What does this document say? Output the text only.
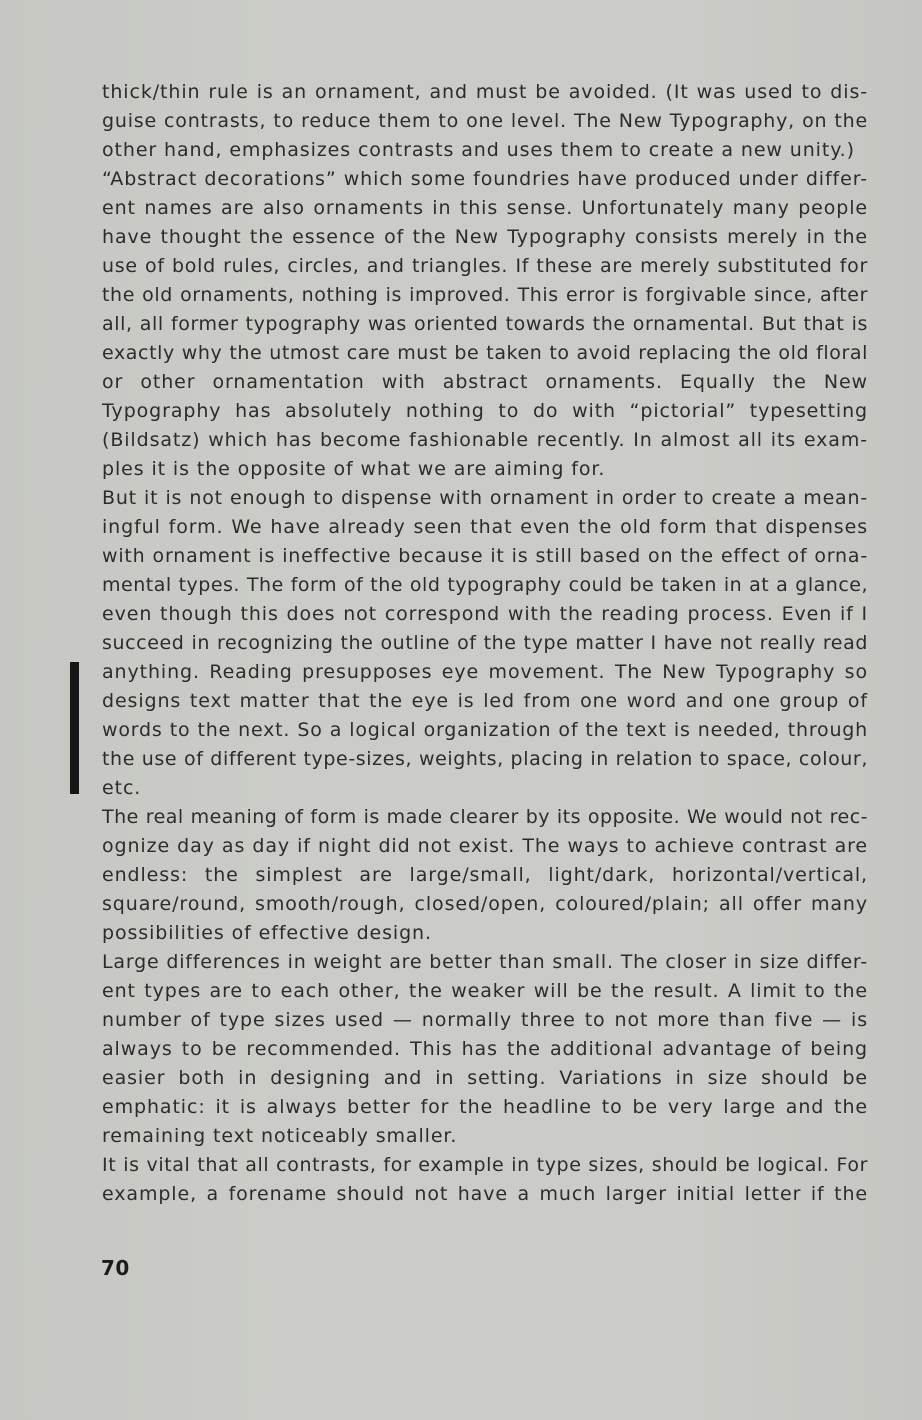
thick/thin rule is an ornament, and must be avoided. (It was used to dis-
guise contrasts, to reduce them to one level. The New Typography, on the
other hand, emphasizes contrasts and uses them to create a new unity.)
“Abstract decorations” which some foundries have produced under differ-
ent names are also ornaments in this sense. Unfortunately many people
have thought the essence of the New Typography consists merely in the
use of bold rules, circles, and triangles. If these are merely substituted for
the old ornaments, nothing is improved. This error is forgivable since, after
all, all former typography was oriented towards the ornamental. But that is
exactly why the utmost care must be taken to avoid replacing the old floral
or other ornamentation with abstract ornaments. Equally the New
Typography has absolutely nothing to do with “pictorial” typesetting
(Bildsatz) which has become fashionable recently. In almost all its exam-
ples it is the opposite of what we are aiming for.
But it is not enough to dispense with ornament in order to create a mean-
ingful form. We have already seen that even the old form that dispenses
with ornament is ineffective because it is still based on the effect of orna-
mental types. The form of the old typography could be taken in at a glance,
even though this does not correspond with the reading process. Even if I
succeed in recognizing the outline of the type matter I have not really read
anything. Reading presupposes eye movement. The New Typography so
designs text matter that the eye is led from one word and one group of
words to the next. So a logical organization of the text is needed, through
the use of different type-sizes, weights, placing in relation to space, colour,
etc.
The real meaning of form is made clearer by its opposite. We would not rec-
ognize day as day if night did not exist. The ways to achieve contrast are
endless: the simplest are large/small, light/dark, horizontal/vertical,
square/round, smooth/rough, closed/open, coloured/plain; all offer many
possibilities of effective design.
Large differences in weight are better than small. The closer in size differ-
ent types are to each other, the weaker will be the result. A limit to the
number of type sizes used — normally three to not more than five — is
always to be recommended. This has the additional advantage of being
easier both in designing and in setting. Variations in size should be
emphatic: it is always better for the headline to be very large and the
remaining text noticeably smaller.
It is vital that all contrasts, for example in type sizes, should be logical. For
example, a forename should not have a much larger initial letter if the
70
